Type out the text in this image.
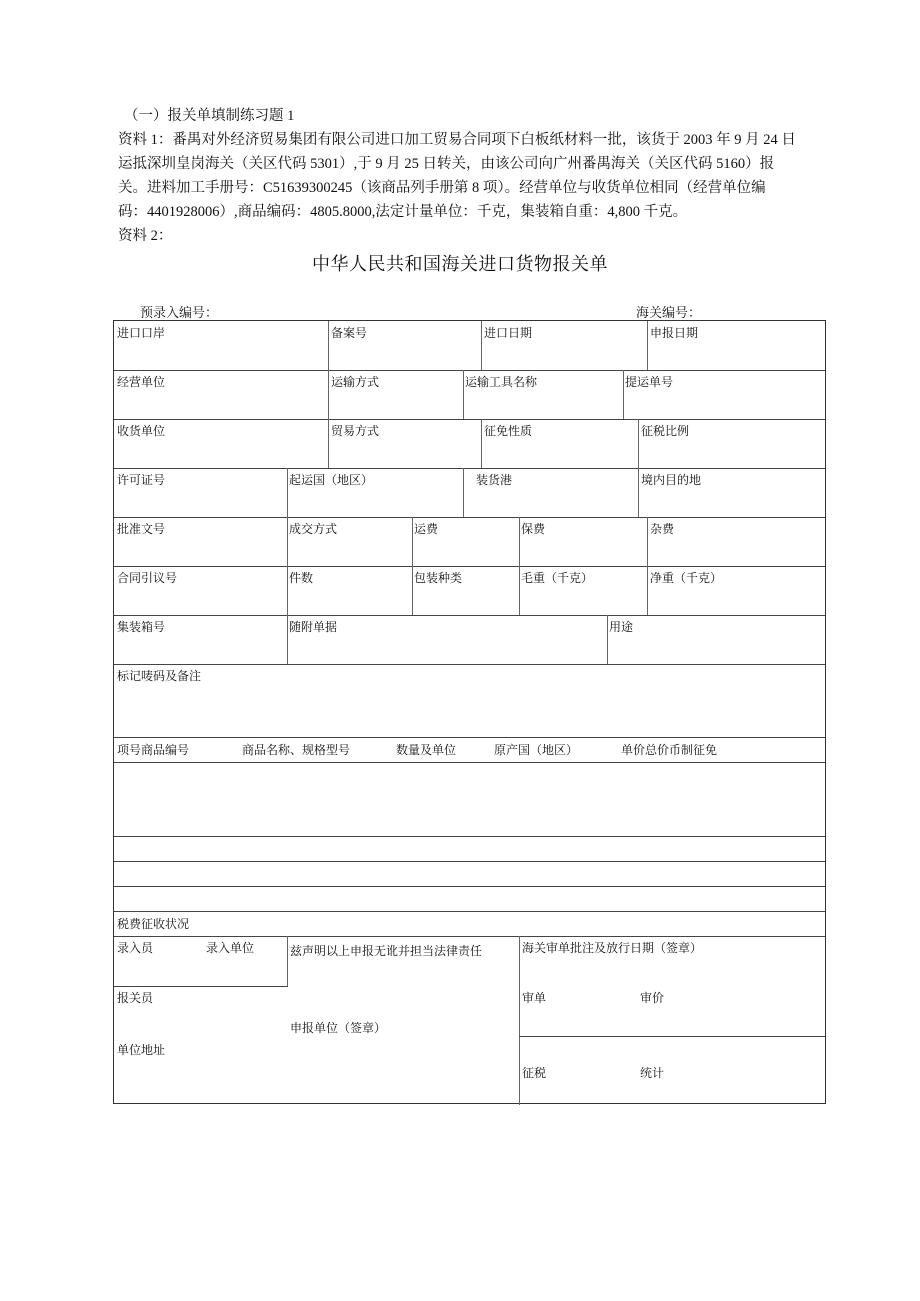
（一）报关单填制练习题 1
资料 1：番禺对外经济贸易集团有限公司进口加工贸易合同项下白板纸材料一批，该货于 2003 年 9 月 24 日
运抵深圳皇岗海关（关区代码 5301）,于 9 月 25 日转关，由该公司向广州番禺海关（关区代码 5160）报
关。进料加工手册号：C51639300245（该商品列手册第 8 项）。经营单位与收货单位相同（经营单位编
码：4401928006）,商品编码：4805.8000,法定计量单位：千克，集装箱自重：4,800 千克。
资料 2：
中华人民共和国海关进口货物报关单
预录入编号：	海关编号：
进口口岸	备案号	进口日期	申报日期
经营单位	运输方式	运输工具名称	提运单号
收货单位	贸易方式	征免性质	征税比例
许可证号	起运国（地区）	装货港	境内目的地
批准文号	成交方式	运费	保费	杂费
合同引议号	件数	包装种类	毛重（千克）	净重（千克）
集装箱号	随附单据	用途
标记唛码及备注
项号商品编号	商品名称、规格型号	数量及单位	原产国（地区）	单价总价币制征免
税费征收状况
录入员	录入单位	兹声明以上申报无讹并担当法律责任
报关员
申报单位（签章）
单位地址
海关审单批注及放行日期（签章）
审单	审价
征税	统计
